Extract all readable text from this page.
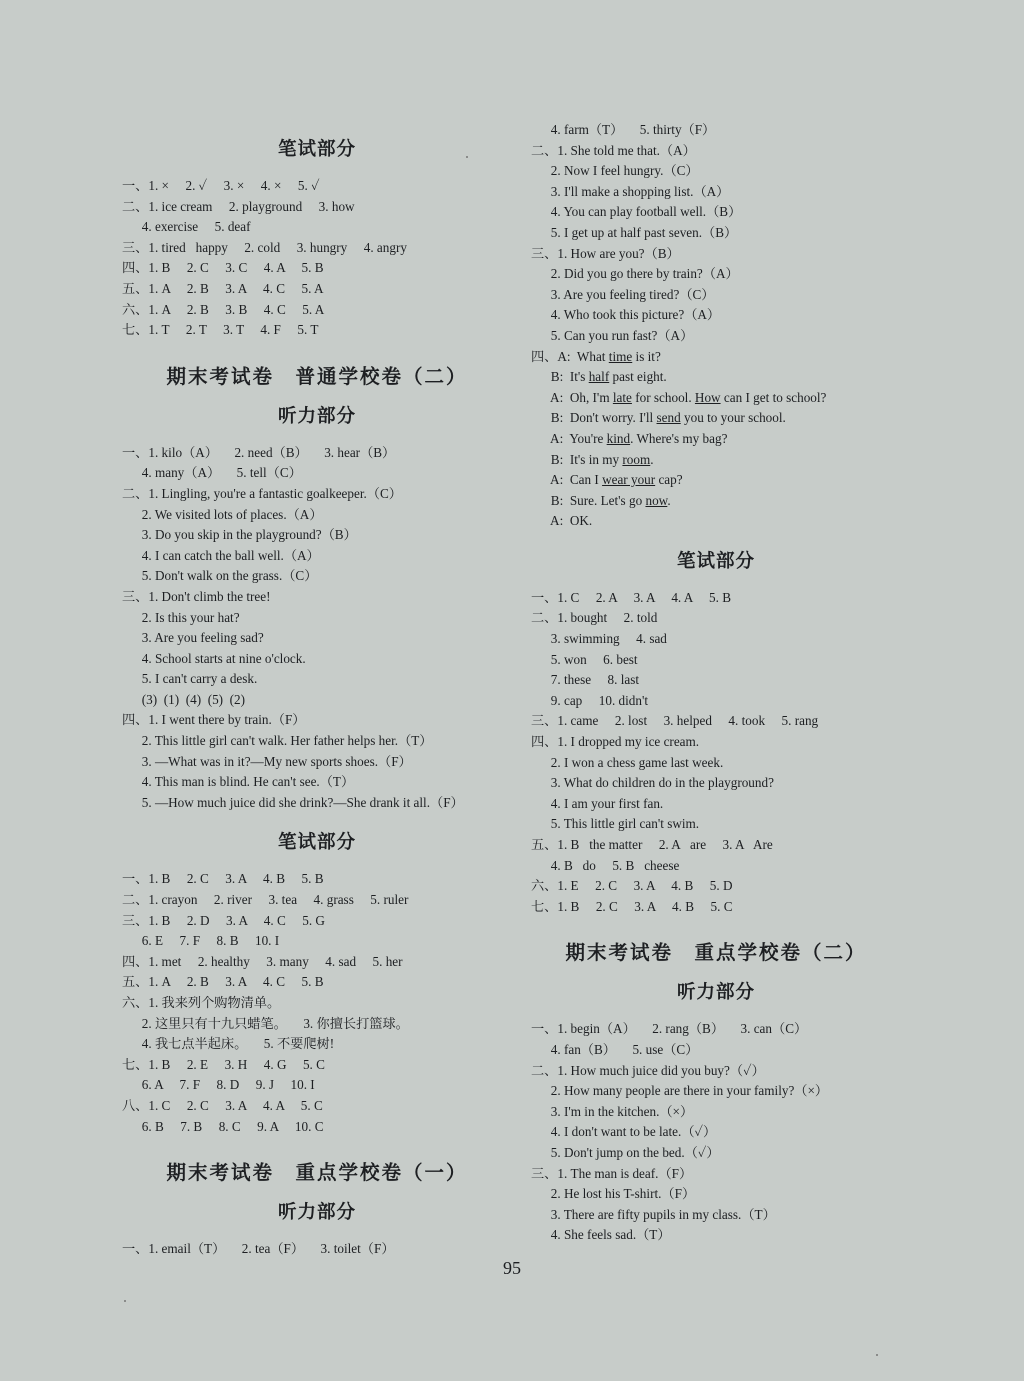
笔试部分
一、1. ×     2. ✓     3. ×     4. ×     5. ✓
二、1. ice cream     2. playground     3. how
4. exercise     5. deaf
三、1. tired   happy     2. cold     3. hungry     4. angry
四、1. B     2. C     3. C     4. A     5. B
五、1. A     2. B     3. A     4. C     5. A
六、1. A     2. B     3. B     4. C     5. A
七、1. T     2. T     3. T     4. F     5. T
期末考试卷　普通学校卷（二）
听力部分
一、1. kilo（A）     2. need（B）     3. hear（B）
4. many（A）     5. tell（C）
二、1. Lingling, you're a fantastic goalkeeper.（C）
2. We visited lots of places.（A）
3. Do you skip in the playground?（B）
4. I can catch the ball well.（A）
5. Don't walk on the grass.（C）
三、1. Don't climb the tree!
2. Is this your hat?
3. Are you feeling sad?
4. School starts at nine o'clock.
5. I can't carry a desk.
(3)  (1)  (4)  (5)  (2)
四、1. I went there by train.（F）
2. This little girl can't walk. Her father helps her.（T）
3. —What was in it?—My new sports shoes.（F）
4. This man is blind. He can't see.（T）
5. —How much juice did she drink?—She drank it all.（F）
笔试部分
一、1. B     2. C     3. A     4. B     5. B
二、1. crayon     2. river     3. tea     4. grass     5. ruler
三、1. B     2. D     3. A     4. C     5. G
6. E     7. F     8. B     10. I
四、1. met     2. healthy     3. many     4. sad     5. her
五、1. A     2. B     3. A     4. C     5. B
六、1. 我来列个购物清单。
2. 这里只有十九只蜡笔。     3. 你擅长打篮球。
4. 我七点半起床。     5. 不要爬树!
七、1. B     2. E     3. H     4. G     5. C
6. A     7. F     8. D     9. J     10. I
八、1. C     2. C     3. A     4. A     5. C
6. B     7. B     8. C     9. A     10. C
期末考试卷　重点学校卷（一）
听力部分
一、1. email（T）     2. tea（F）     3. toilet（F）
4. farm（T）     5. thirty（F）
二、1. She told me that.（A）
2. Now I feel hungry.（C）
3. I'll make a shopping list.（A）
4. You can play football well.（B）
5. I get up at half past seven.（B）
三、1. How are you?（B）
2. Did you go there by train?（A）
3. Are you feeling tired?（C）
4. Who took this picture?（A）
5. Can you run fast?（A）
四、A:  What time is it?
B:  It's half past eight.
A:  Oh, I'm late for school. How can I get to school?
B:  Don't worry. I'll send you to your school.
A:  You're kind. Where's my bag?
B:  It's in my room.
A:  Can I wear your cap?
B:  Sure. Let's go now.
A:  OK.
笔试部分
一、1. C     2. A     3. A     4. A     5. B
二、1. bought     2. told
3. swimming     4. sad
5. won     6. best
7. these     8. last
9. cap     10. didn't
三、1. came     2. lost     3. helped     4. took     5. rang
四、1. I dropped my ice cream.
2. I won a chess game last week.
3. What do children do in the playground?
4. I am your first fan.
5. This little girl can't swim.
五、1. B   the matter     2. A   are     3. A   Are
4. B   do     5. B   cheese
六、1. E     2. C     3. A     4. B     5. D
七、1. B     2. C     3. A     4. B     5. C
期末考试卷　重点学校卷（二）
听力部分
一、1. begin（A）     2. rang（B）     3. can（C）
4. fan（B）     5. use（C）
二、1. How much juice did you buy?（✓）
2. How many people are there in your family?（×）
3. I'm in the kitchen.（×）
4. I don't want to be late.（✓）
5. Don't jump on the bed.（✓）
三、1. The man is deaf.（F）
2. He lost his T-shirt.（F）
3. There are fifty pupils in my class.（T）
4. She feels sad.（T）
95
